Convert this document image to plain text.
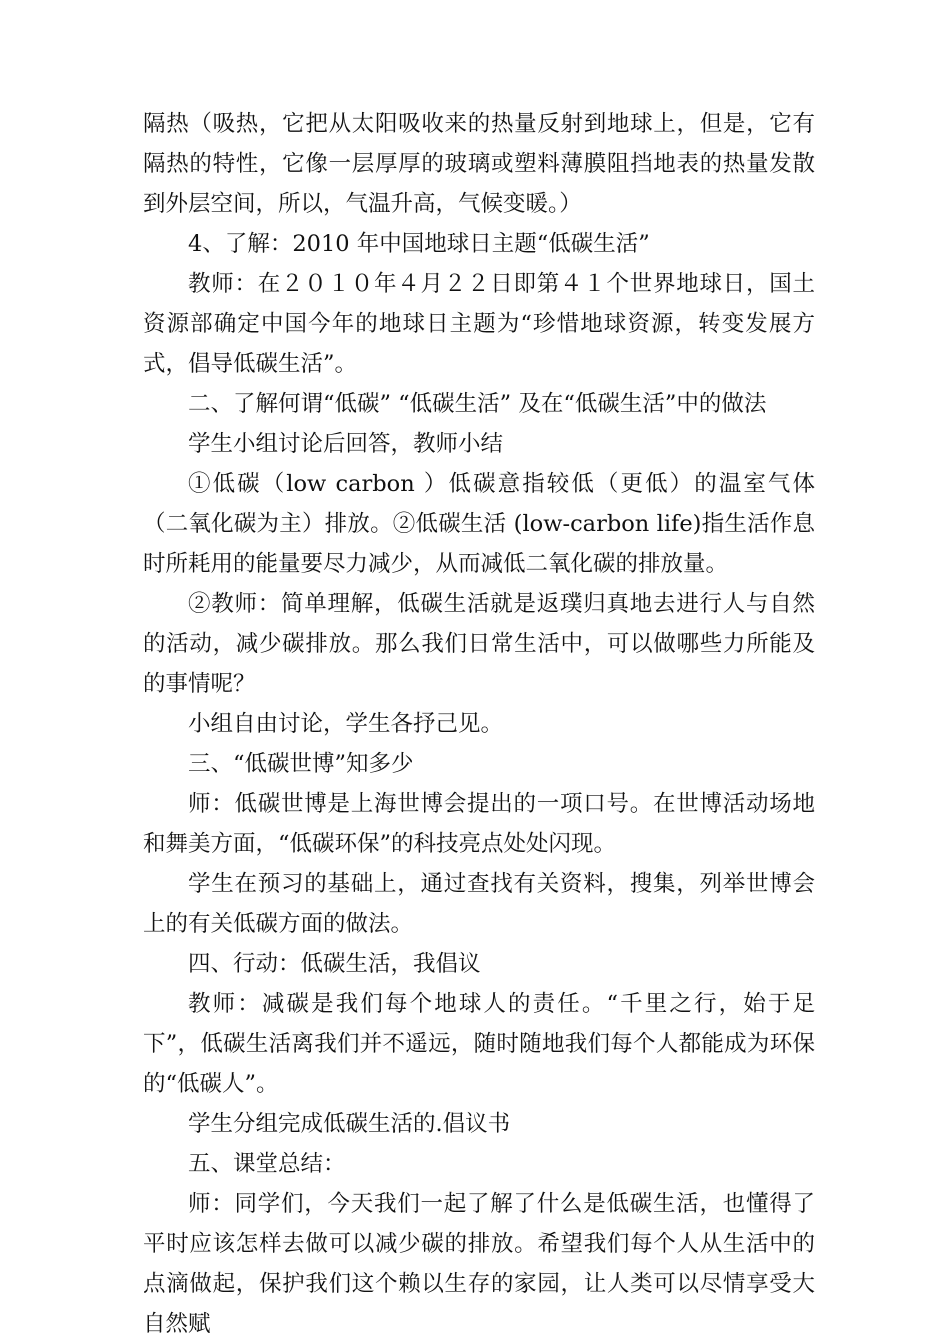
隔热（吸热，它把从太阳吸收来的热量反射到地球上，但是，它有隔热的特性，它像一层厚厚的玻璃或塑料薄膜阻挡地表的热量发散到外层空间，所以，气温升高，气候变暖。）

4、了解：2010 年中国地球日主题“低碳生活”

教师：在２０１０年４月２２日即第４１个世界地球日，国土资源部确定中国今年的地球日主题为“珍惜地球资源，转变发展方式，倡导低碳生活”。

二、了解何谓“低碳” “低碳生活” 及在“低碳生活”中的做法

学生小组讨论后回答，教师小结

①低碳（low carbon ）低碳意指较低（更低）的温室气体（二氧化碳为主）排放。②低碳生活 (low-carbon life)指生活作息时所耗用的能量要尽力减少，从而减低二氧化碳的排放量。

②教师：简单理解，低碳生活就是返璞归真地去进行人与自然的活动，减少碳排放。那么我们日常生活中，可以做哪些力所能及的事情呢？

小组自由讨论，学生各抒己见。

三、“低碳世博”知多少

师：低碳世博是上海世博会提出的一项口号。在世博活动场地和舞美方面，“低碳环保”的科技亮点处处闪现。

学生在预习的基础上，通过查找有关资料，搜集，列举世博会上的有关低碳方面的做法。

四、行动：低碳生活，我倡议

教师：减碳是我们每个地球人的责任。“千里之行，始于足下”，低碳生活离我们并不遥远，随时随地我们每个人都能成为环保的“低碳人”。

学生分组完成低碳生活的.倡议书

五、课堂总结：

师：同学们，今天我们一起了解了什么是低碳生活，也懂得了平时应该怎样去做可以减少碳的排放。希望我们每个人从生活中的点滴做起，保护我们这个赖以生存的家园，让人类可以尽情享受大自然赋
